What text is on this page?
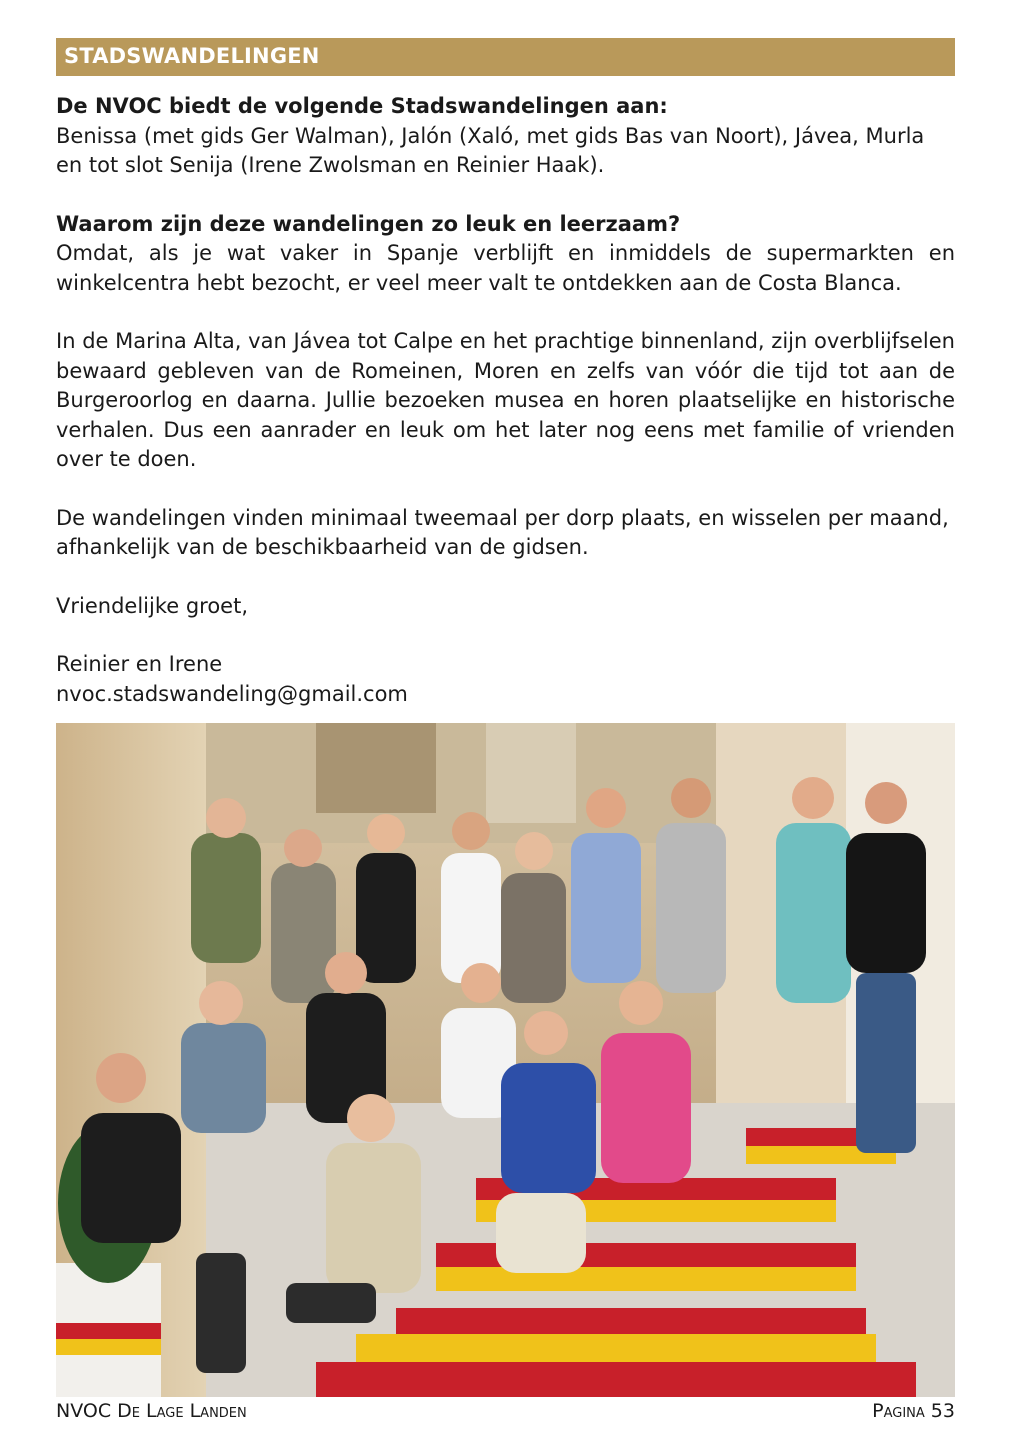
STADSWANDELINGEN
De NVOC biedt de volgende Stadswandelingen aan:

Benissa (met gids Ger Walman), Jalón (Xaló, met gids Bas van Noort), Jávea, Murla en tot slot Senija (Irene Zwolsman en Reinier Haak).

Waarom zijn deze wandelingen zo leuk en leerzaam?

Omdat, als je wat vaker in Spanje verblijft en inmiddels de supermarkten en winkelcentra hebt bezocht, er veel meer valt te ontdekken aan de Costa Blanca.

In de Marina Alta, van Jávea tot Calpe en het prachtige binnenland, zijn overblijfselen bewaard gebleven van de Romeinen, Moren en zelfs van vóór die tijd tot aan de Burgeroorlog en daarna. Jullie bezoeken musea en horen plaatselijke en historische verhalen. Dus een aanrader en leuk om het later nog eens met familie of vrienden over te doen.

De wandelingen vinden minimaal tweemaal per dorp plaats, en wisselen per maand, afhankelijk van de beschikbaarheid van de gidsen.

Vriendelijke groet,

Reinier en Irene

nvoc.stadswandeling@gmail.com

NVOC De Lage Landen	Pagina 53
